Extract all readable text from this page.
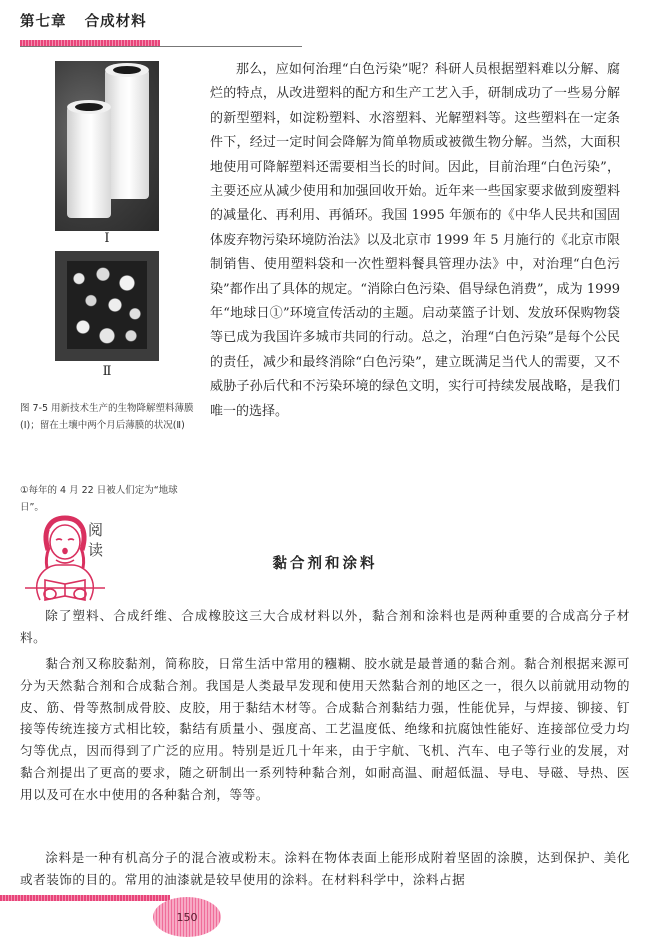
第七章   合成材料
Ⅰ
Ⅱ
图 7-5 用新技术生产的生物降解塑料薄膜(Ⅰ)；留在土壤中两个月后薄膜的状况(Ⅱ)
①每年的 4 月 22 日被人们定为“地球日”。

那么，应如何治理“白色污染”呢？科研人员根据塑料难以分解、腐烂的特点，从改进塑料的配方和生产工艺入手，研制成功了一些易分解的新型塑料，如淀粉塑料、水溶塑料、光解塑料等。这些塑料在一定条件下，经过一定时间会降解为简单物质或被微生物分解。当然，大面积地使用可降解塑料还需要相当长的时间。因此，目前治理“白色污染”，主要还应从减少使用和加强回收开始。近年来一些国家要求做到废塑料的减量化、再利用、再循环。我国 1995 年颁布的《中华人民共和国固体废弃物污染环境防治法》以及北京市 1999 年 5 月施行的《北京市限制销售、使用塑料袋和一次性塑料餐具管理办法》中，对治理“白色污染”都作出了具体的规定。“消除白色污染、倡导绿色消费”，成为 1999 年“地球日①”环境宣传活动的主题。启动菜篮子计划、发放环保购物袋等已成为我国许多城市共同的行动。总之，治理“白色污染”是每个公民的责任，减少和最终消除“白色污染”，建立既满足当代人的需要，又不威胁子孙后代和不污染环境的绿色文明，实行可持续发展战略，是我们唯一的选择。

阅读
黏合剂和涂料

除了塑料、合成纤维、合成橡胶这三大合成材料以外，黏合剂和涂料也是两种重要的合成高分子材料。

黏合剂又称胶黏剂，简称胶，日常生活中常用的糨糊、胶水就是最普通的黏合剂。黏合剂根据来源可分为天然黏合剂和合成黏合剂。我国是人类最早发现和使用天然黏合剂的地区之一，很久以前就用动物的皮、筋、骨等熬制成骨胶、皮胶，用于黏结木材等。合成黏合剂黏结力强，性能优异，与焊接、铆接、钉接等传统连接方式相比较，黏结有质量小、强度高、工艺温度低、绝缘和抗腐蚀性能好、连接部位受力均匀等优点，因而得到了广泛的应用。特别是近几十年来，由于宇航、飞机、汽车、电子等行业的发展，对黏合剂提出了更高的要求，随之研制出一系列特种黏合剂，如耐高温、耐超低温、导电、导磁、导热、医用以及可在水中使用的各种黏合剂，等等。

涂料是一种有机高分子的混合液或粉末。涂料在物体表面上能形成附着坚固的涂膜，达到保护、美化或者装饰的目的。常用的油漆就是较早使用的涂料。在材料科学中，涂料占据

150
